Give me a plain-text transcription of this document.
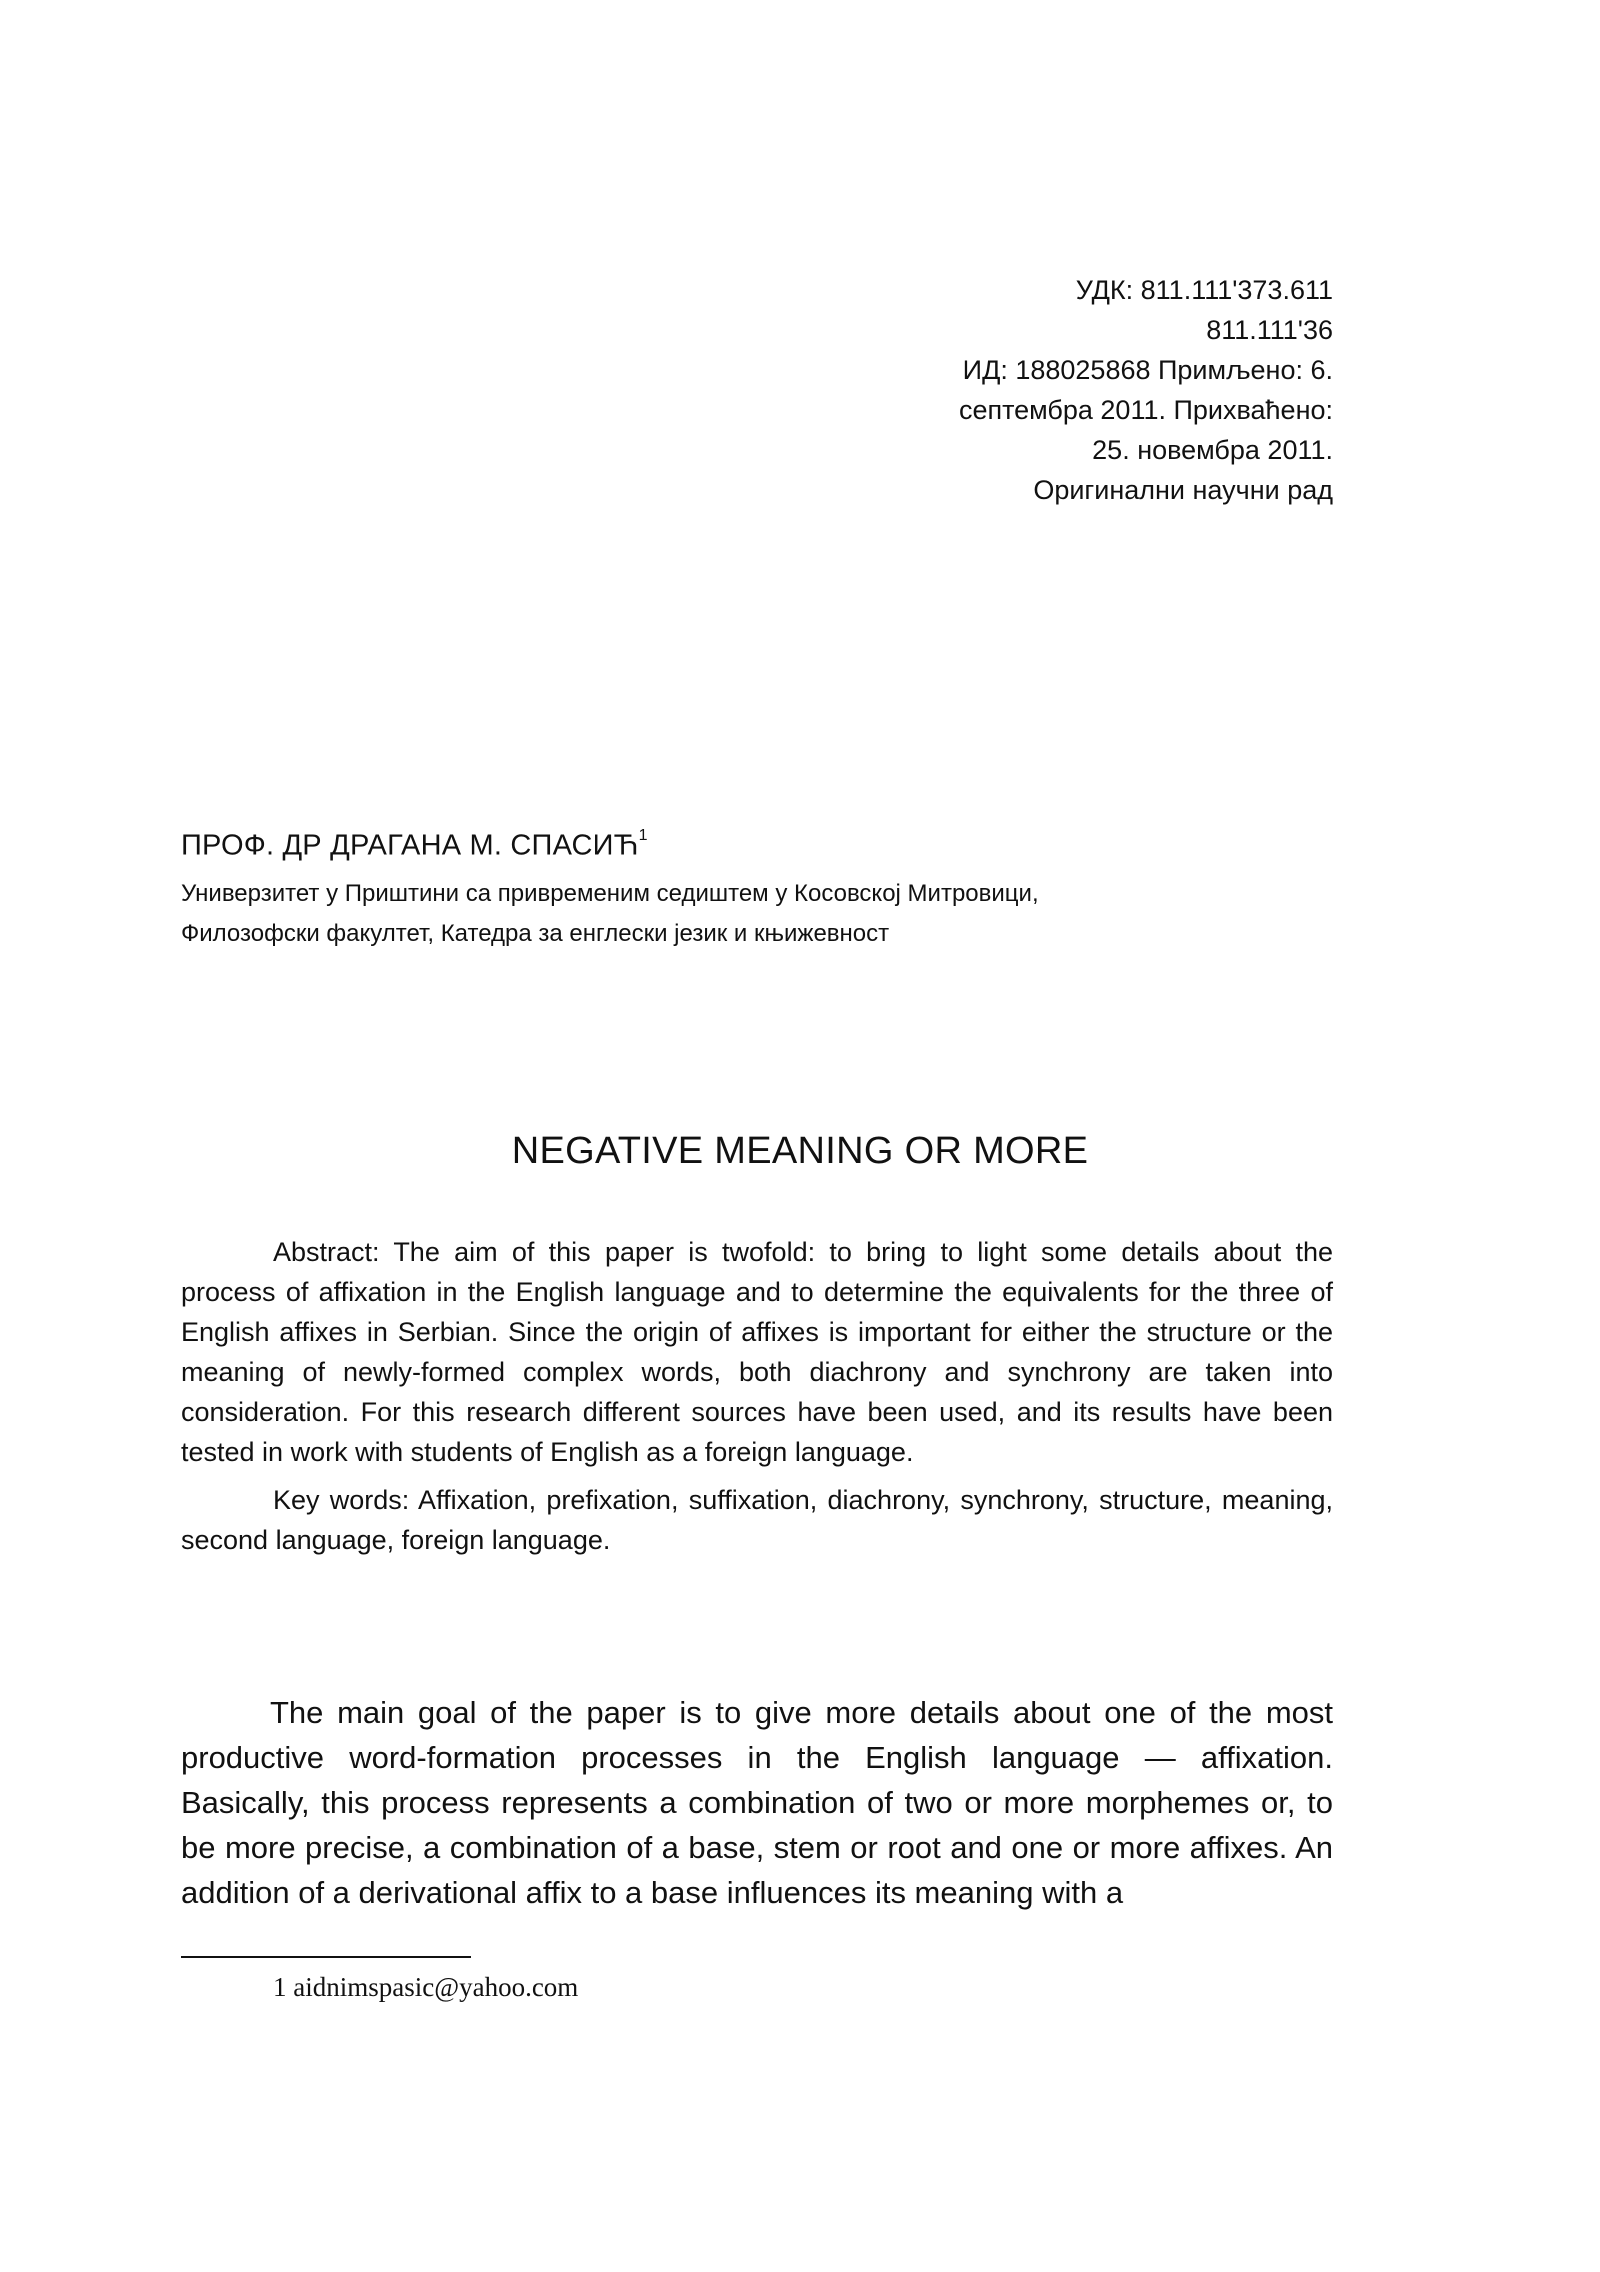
УДК: 811.111'373.611
811.111'36
ИД: 188025868 Примљено: 6.
септембра 2011. Прихваћено:
25. новембра 2011.
Оригинални научни рад
ПРОФ. ДР ДРАГАНА М. СПАСИЋ$^1$
Универзитет у Приштини са привременим седиштем у Косовској Митровици,
Филозофски факултет, Катедра за енглески језик и књижевност
NEGATIVE MEANING OR MORE

Abstract: The aim of this paper is twofold: to bring to light some details about the process of affixation in the English language and to determine the equivalents for the three of English affixes in Serbian. Since the origin of affixes is important for either the structure or the meaning of newly-formed complex words, both diachrony and synchrony are taken into consideration. For this research different sources have been used, and its results have been tested in work with students of English as a foreign language.

Key words: Affixation, prefixation, suffixation, diachrony, synchrony, structure, meaning, second language, foreign language.

The main goal of the paper is to give more details about one of the most productive word-formation processes in the English language — affixation. Basically, this process represents a combination of two or more morphemes or, to be more precise, a combination of a base, stem or root and one or more affixes. An addition of a derivational affix to a base influences its meaning with a

1 aidnimspasic@yahoo.com
